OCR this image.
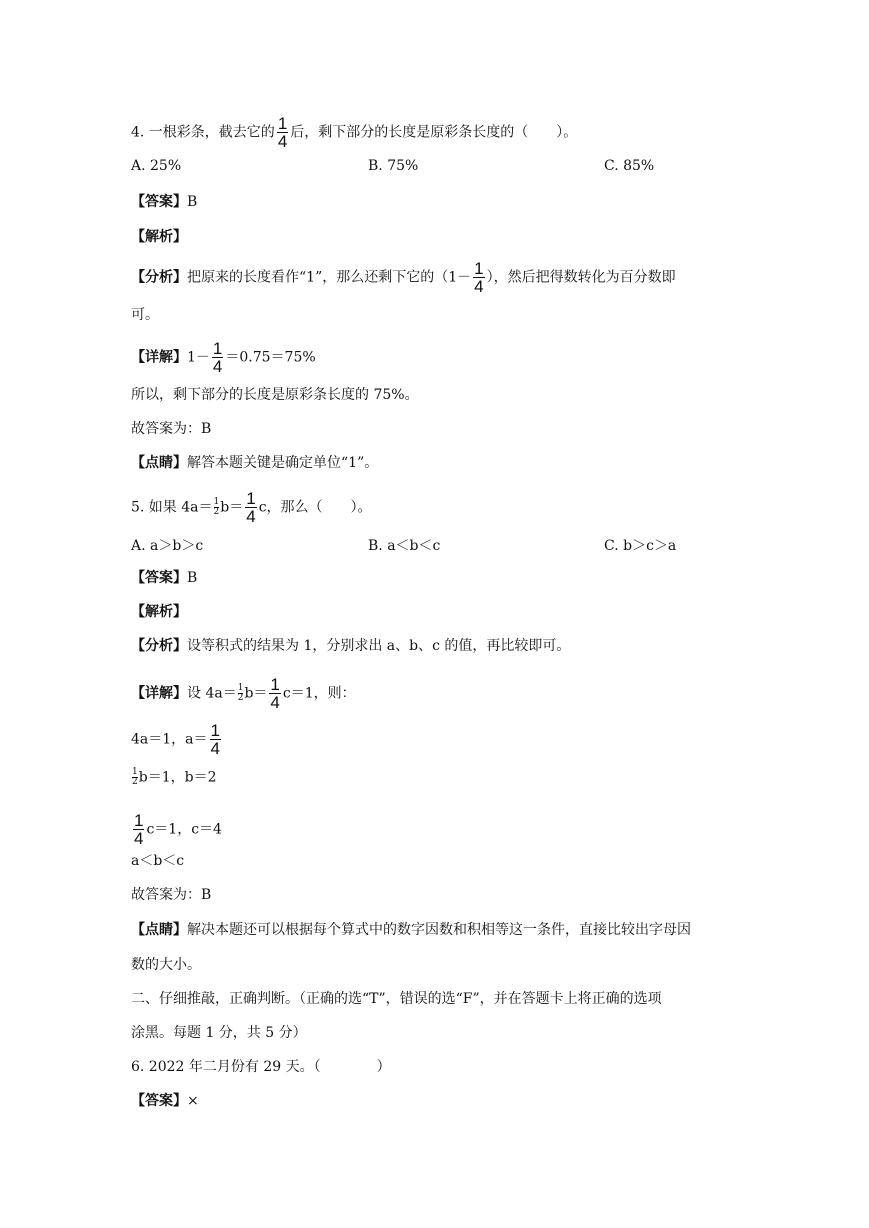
4. 一根彩条，截去它的 $\frac{1}{4}$ 后，剩下部分的长度是原彩条长度的（　　）。
A. 25%	B. 75%	C. 85%
【答案】B
【解析】
【分析】把原来的长度看作“1”，那么还剩下它的（$1- \frac{1}{4}$ ），然后把得数转化为百分数即
可。
【详解】$1- \frac{1}{4} =0.75=75\%$
所以，剩下部分的长度是原彩条长度的 75%。
故答案为：B
【点睛】解答本题关键是确定单位“1”。
5. 如果 $4a= \frac{1}{2} b= \frac{1}{4}$ c，那么（　　）。
A. a＞b＞c	B. a＜b＜c	C. b＞c＞a
【答案】B
【解析】
【分析】设等积式的结果为 1，分别求出 a、b、c 的值，再比较即可。
【详解】设 $4a= \frac{1}{2} b= \frac{1}{4} c=1$，则：
4a＝1，$a= \frac{1}{4}$
$\frac{1}{2} b=1$，b＝2
$\frac{1}{4} c=1$，c＝4
a＜b＜c
故答案为：B
【点睛】解决本题还可以根据每个算式中的数字因数和积相等这一条件，直接比较出字母因
数的大小。
二、仔细推敲，正确判断。（正确的选“T”，错误的选“F”，并在答题卡上将正确的选项
涂黑。每题 1 分，共 5 分）
6. 2022 年二月份有 29 天。（　　　　）
【答案】×
